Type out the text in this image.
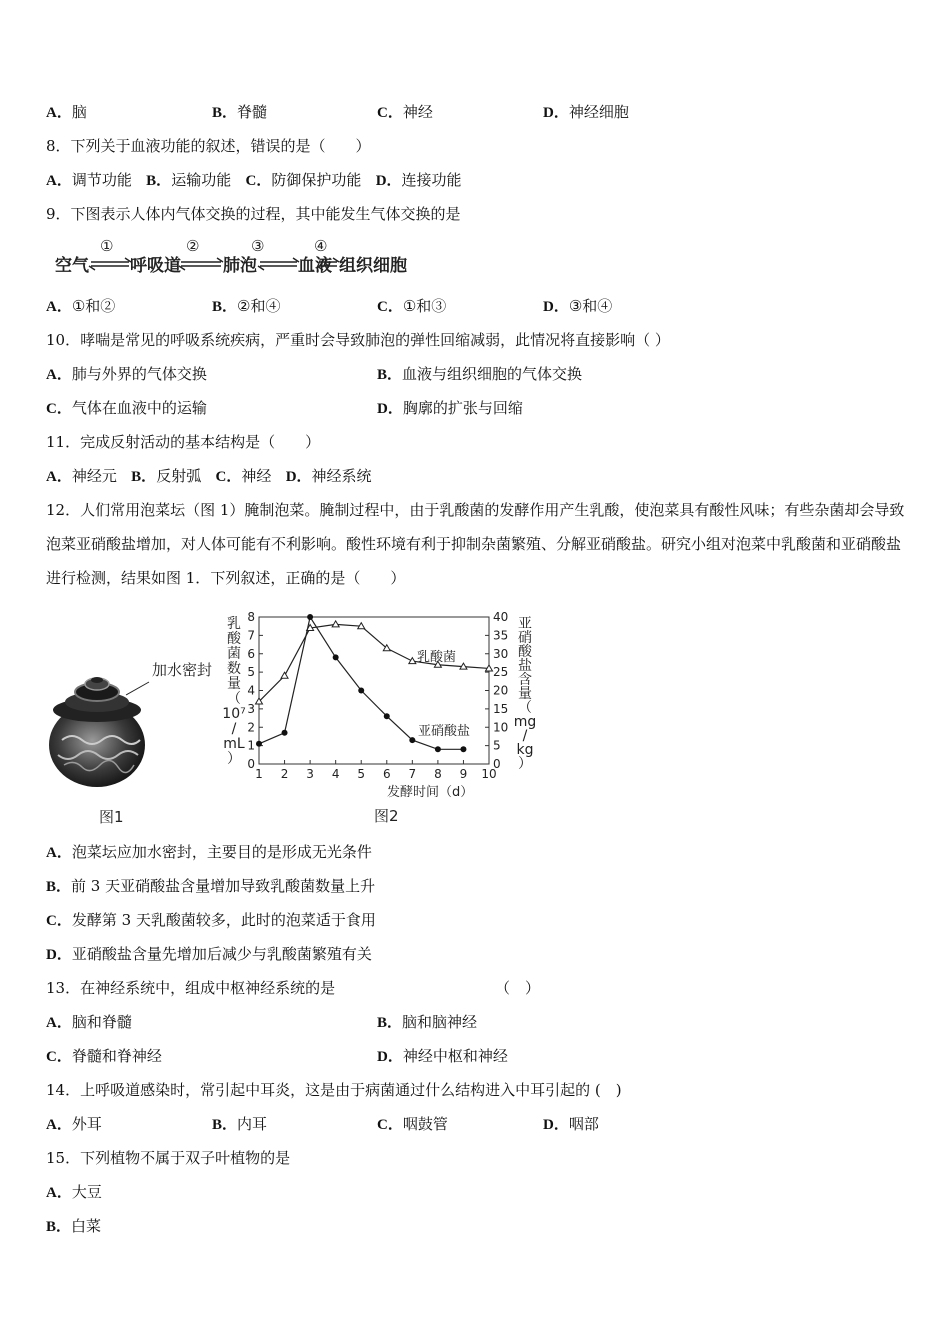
A．脑	B．脊髓	C．神经	D．神经细胞
8．下列关于血液功能的叙述，错误的是（　　）
A．调节功能 B．运输功能 C．防御保护功能 D．连接功能
9．下图表示人体内气体交换的过程，其中能发生气体交换的是
空气 呼吸道 肺泡 血液 组织细胞
①	②	③	④
A．①和②	B．②和④	C．①和③	D．③和④
10．哮喘是常见的呼吸系统疾病，严重时会导致肺泡的弹性回缩减弱，此情况将直接影响（ ）
A．肺与外界的气体交换	B．血液与组织细胞的气体交换
C．气体在血液中的运输	D．胸廓的扩张与回缩
11．完成反射活动的基本结构是（　　）
A．神经元 B．反射弧 C．神经 D．神经系统
12．人们常用泡菜坛（图 1）腌制泡菜。腌制过程中，由于乳酸菌的发酵作用产生乳酸，使泡菜具有酸性风味；有些杂菌却会导致泡菜亚硝酸盐增加，对人体可能有不利影响。酸性环境有利于抑制杂菌繁殖、分解亚硝酸盐。研究小组对泡菜中乳酸菌和亚硝酸盐进行检测，结果如图 1．下列叙述，正确的是（　　）
加水密封
图1
乳
酸
菌
数
量
（
10⁷
/
mL
）
亚
硝
酸
盐
含
量
（
mg
/
kg
）
1 2 3 4 5 6 7 8 9 10
0
1
2
3
4
5
6
7
8
0
5
10
15
20
25
30
35
40
发酵时间（d）
图2
乳酸菌
亚硝酸盐
A．泡菜坛应加水密封，主要目的是形成无光条件
B．前 3 天亚硝酸盐含量增加导致乳酸菌数量上升
C．发酵第 3 天乳酸菌较多，此时的泡菜适于食用
D．亚硝酸盐含量先增加后减少与乳酸菌繁殖有关
13．在神经系统中，组成中枢神经系统的是	（　）
A．脑和脊髓	B．脑和脑神经
C．脊髓和脊神经	D．神经中枢和神经
14．上呼吸道感染时，常引起中耳炎，这是由于病菌通过什么结构进入中耳引起的 (　)
A．外耳	B．内耳	C．咽鼓管	D．咽部
15．下列植物不属于双子叶植物的是
A．大豆
B．白菜
